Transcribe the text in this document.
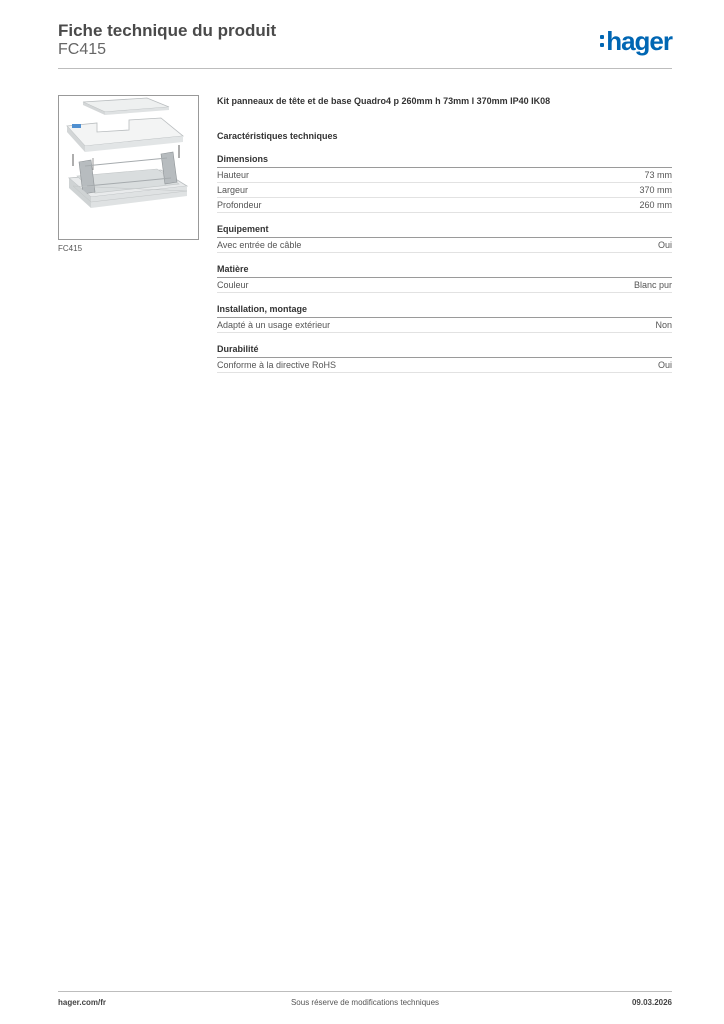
Fiche technique du produit
FC415	hager
FC415

Kit panneaux de tête et de base Quadro4 p 260mm h 73mm l 370mm IP40 IK08

Caractéristiques techniques
Dimensions
Hauteur	73 mm
Largeur	370 mm
Profondeur	260 mm
Equipement
Avec entrée de câble	Oui
Matière
Couleur	Blanc pur
Installation, montage
Adapté à un usage extérieur	Non
Durabilité
Conforme à la directive RoHS	Oui
hager.com/fr	Sous réserve de modifications techniques	09.03.2026
